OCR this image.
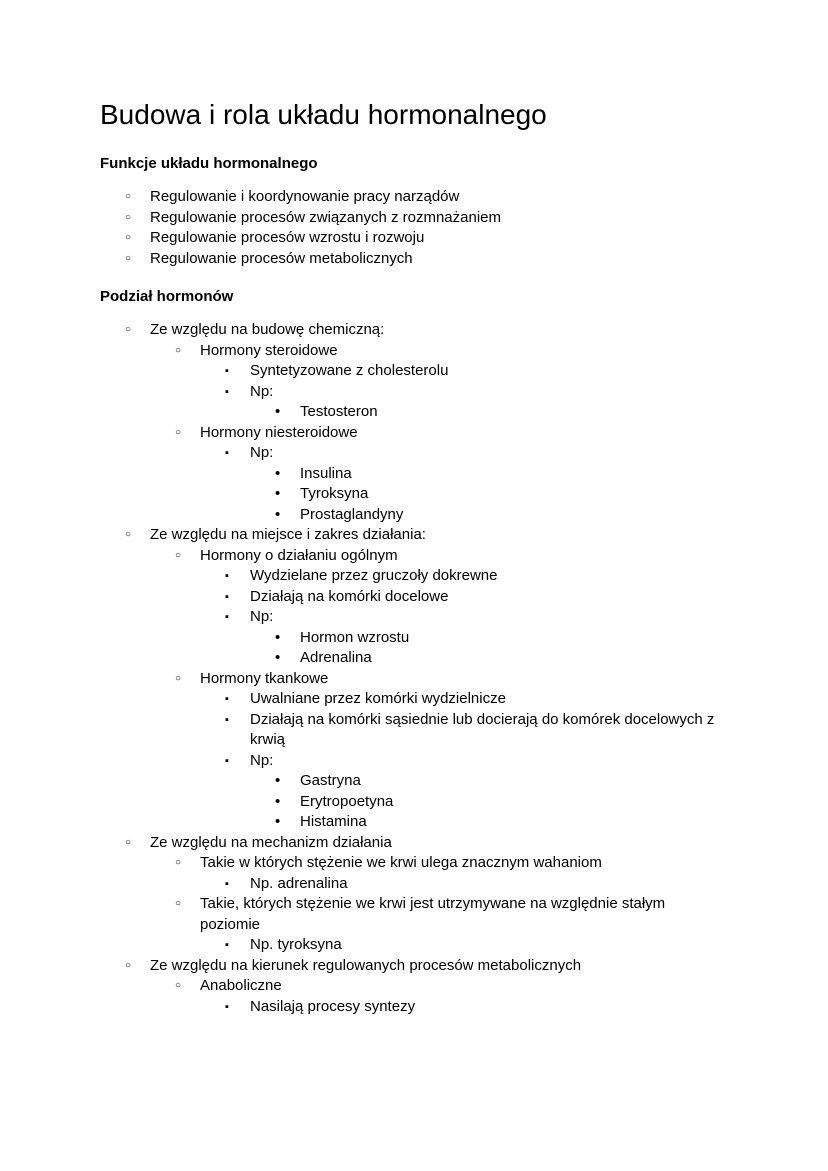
Budowa i rola układu hormonalnego
Funkcje układu hormonalnego
○ Regulowanie i koordynowanie pracy narządów
○ Regulowanie procesów związanych z rozmnażaniem
○ Regulowanie procesów wzrostu i rozwoju
○ Regulowanie procesów metabolicznych
Podział hormonów
○ Ze względu na budowę chemiczną:
○ Hormony steroidowe
▪ Syntetyzowane z cholesterolu
▪ Np:
• Testosteron
○ Hormony niesteroidowe
▪ Np:
• Insulina
• Tyroksyna
• Prostaglandyny
○ Ze względu na miejsce i zakres działania:
○ Hormony o działaniu ogólnym
▪ Wydzielane przez gruczoły dokrewne
▪ Działają na komórki docelowe
▪ Np:
• Hormon wzrostu
• Adrenalina
○ Hormony tkankowe
▪ Uwalniane przez komórki wydzielnicze
▪ Działają na komórki sąsiednie lub docierają do komórek docelowych z krwią
▪ Np:
• Gastryna
• Erytropoetyna
• Histamina
○ Ze względu na mechanizm działania
○ Takie w których stężenie we krwi ulega znacznym wahaniom
▪ Np. adrenalina
○ Takie, których stężenie we krwi jest utrzymywane na względnie stałym poziomie
▪ Np. tyroksyna
○ Ze względu na kierunek regulowanych procesów metabolicznych
○ Anaboliczne
▪ Nasilają procesy syntezy
